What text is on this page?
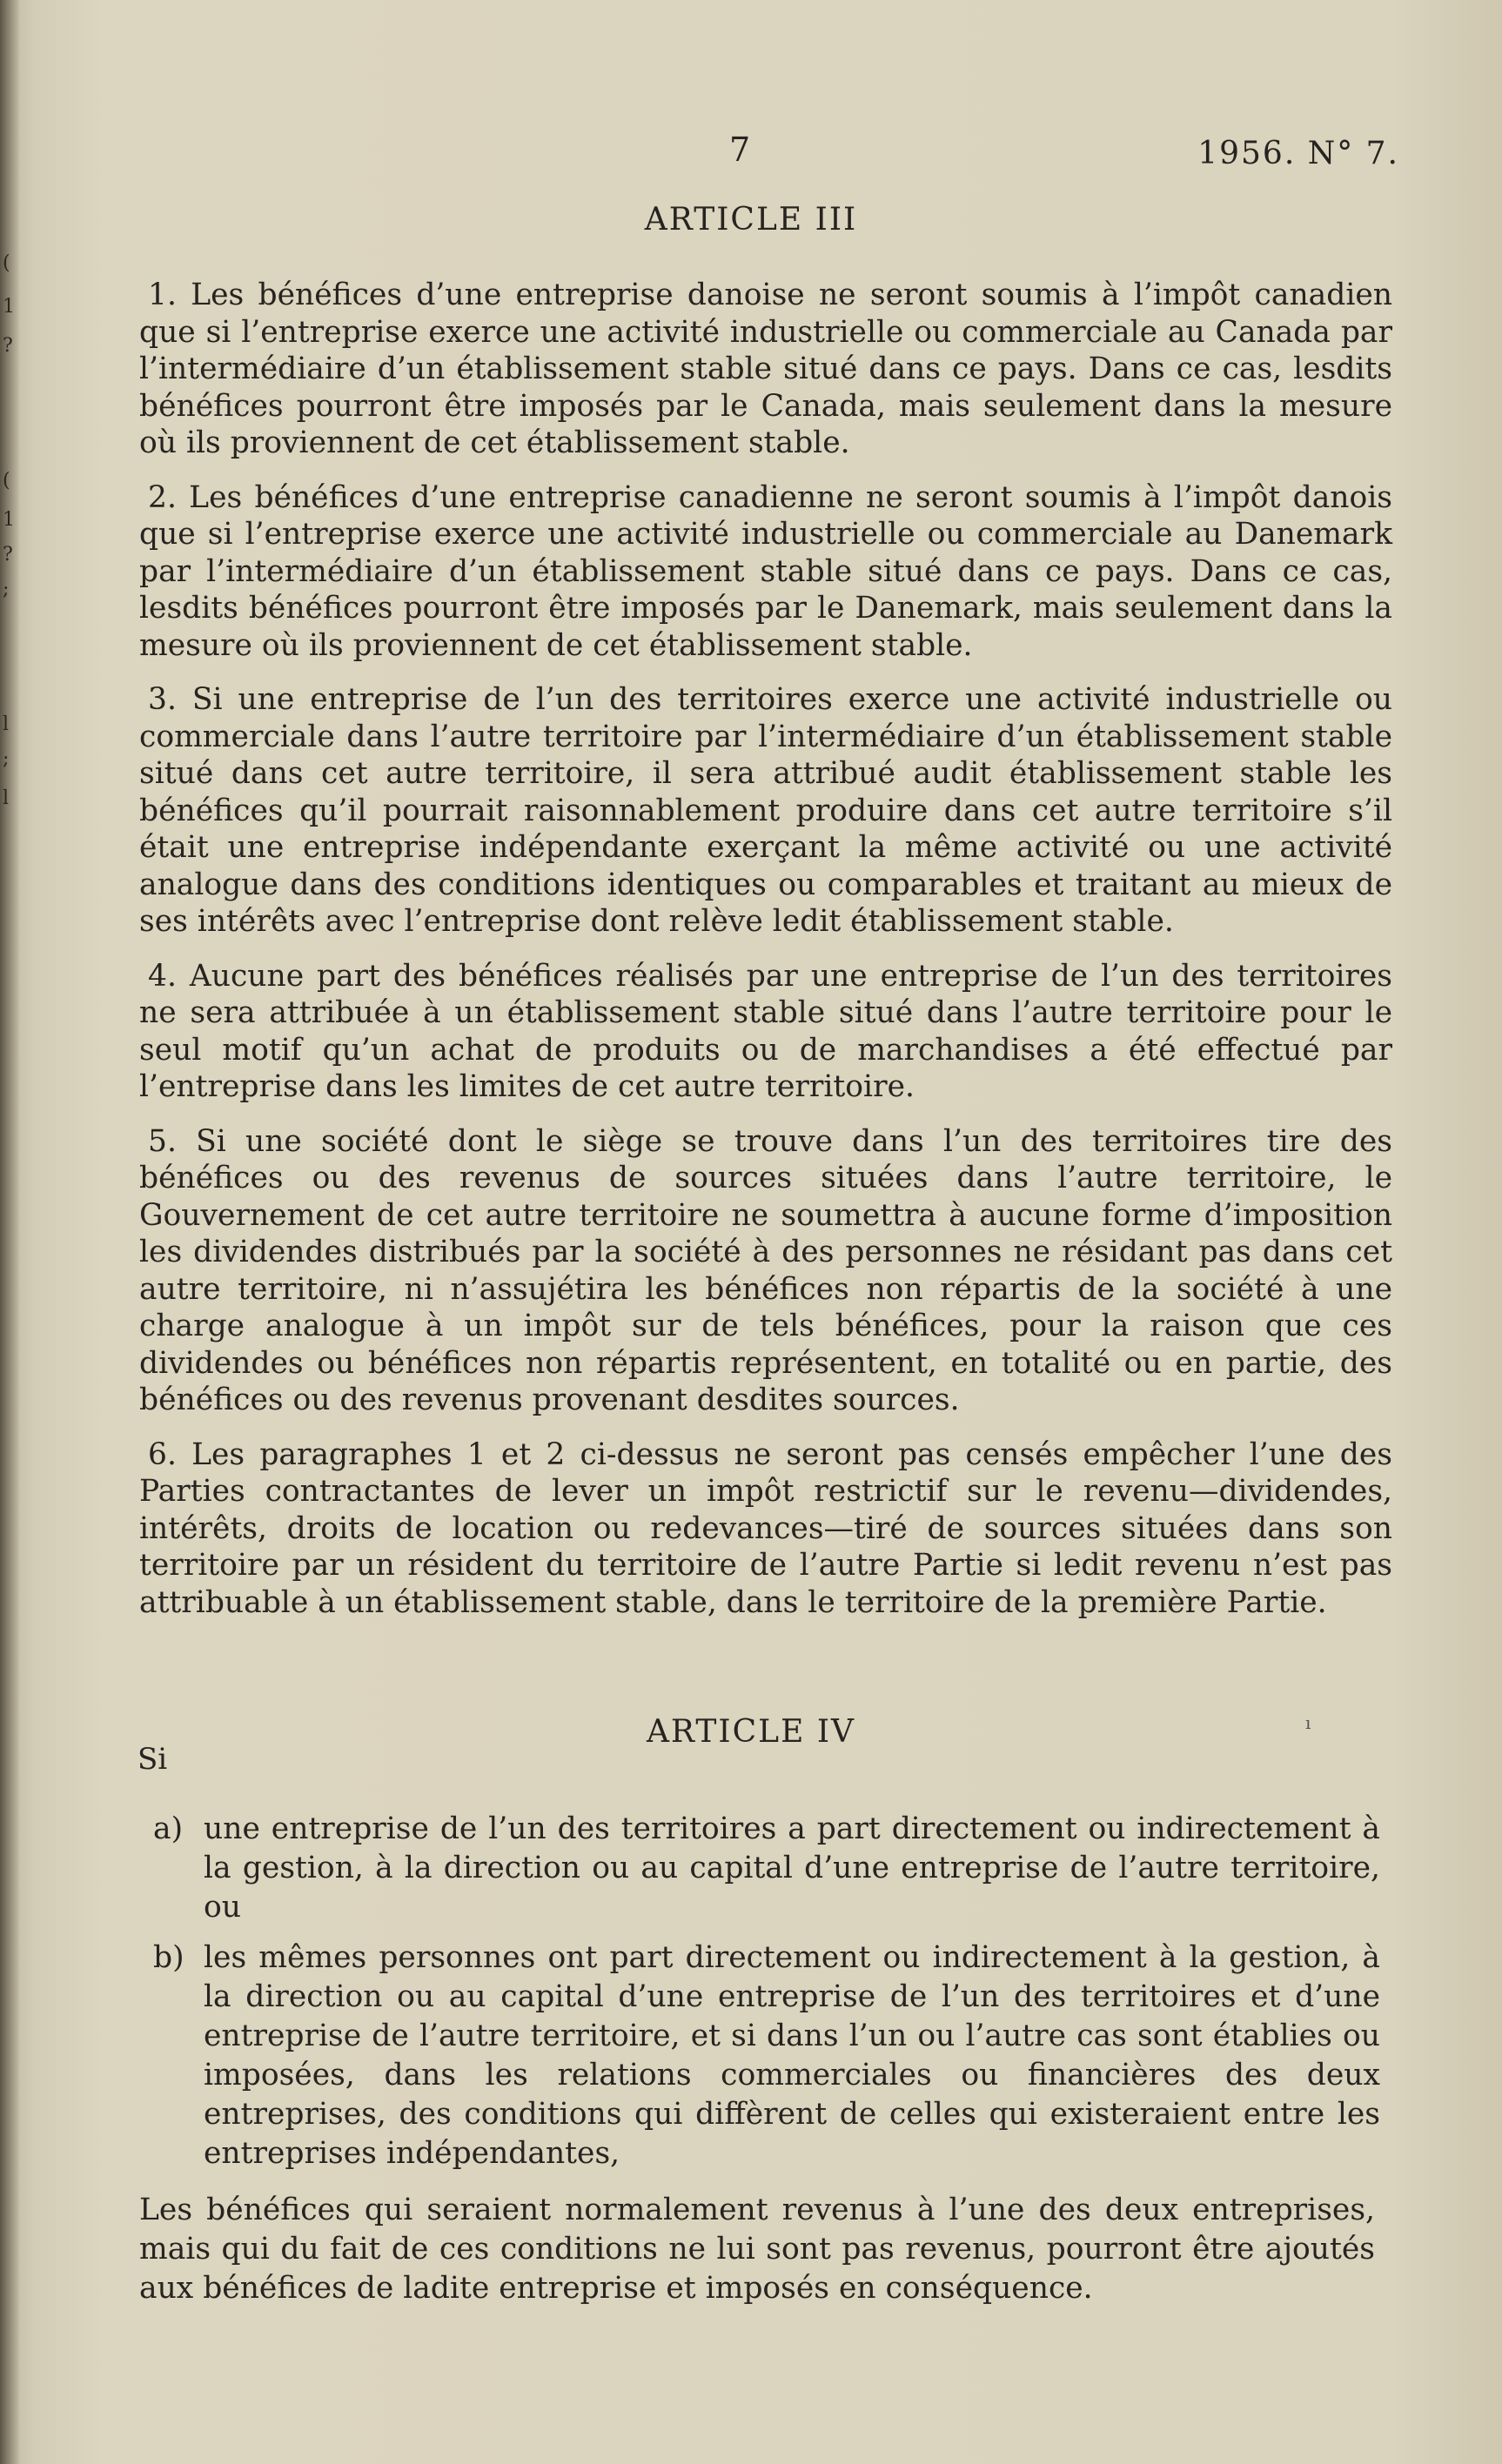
(
1
?
(
1
?
;
l
;
l
7	1956. N° 7.
ARTICLE III

1. Les bénéfices d’une entreprise danoise ne seront soumis à l’impôt canadien que si l’entreprise exerce une activité industrielle ou commerciale au Canada par l’intermédiaire d’un établissement stable situé dans ce pays. Dans ce cas, lesdits bénéfices pourront être imposés par le Canada, mais seulement dans la mesure où ils proviennent de cet établissement stable.

2. Les bénéfices d’une entreprise canadienne ne seront soumis à l’impôt danois que si l’entreprise exerce une activité industrielle ou commerciale au Danemark par l’intermédiaire d’un établissement stable situé dans ce pays. Dans ce cas, lesdits bénéfices pourront être imposés par le Danemark, mais seulement dans la mesure où ils proviennent de cet établissement stable.

3. Si une entreprise de l’un des territoires exerce une activité industrielle ou commerciale dans l’autre territoire par l’intermédiaire d’un établissement stable situé dans cet autre territoire, il sera attribué audit établissement stable les bénéfices qu’il pourrait raisonnablement produire dans cet autre territoire s’il était une entreprise indépendante exerçant la même activité ou une activité analogue dans des conditions identiques ou comparables et traitant au mieux de ses intérêts avec l’entreprise dont relève ledit établissement stable.

4. Aucune part des bénéfices réalisés par une entreprise de l’un des territoires ne sera attribuée à un établissement stable situé dans l’autre territoire pour le seul motif qu’un achat de produits ou de marchandises a été effectué par l’entreprise dans les limites de cet autre territoire.

5. Si une société dont le siège se trouve dans l’un des territoires tire des bénéfices ou des revenus de sources situées dans l’autre territoire, le Gouvernement de cet autre territoire ne soumettra à aucune forme d’imposition les dividendes distribués par la société à des personnes ne résidant pas dans cet autre territoire, ni n’assujétira les bénéfices non répartis de la société à une charge analogue à un impôt sur de tels bénéfices, pour la raison que ces dividendes ou bénéfices non répartis représentent, en totalité ou en partie, des bénéfices ou des revenus provenant desdites sources.

6. Les paragraphes 1 et 2 ci-dessus ne seront pas censés empêcher l’une des Parties contractantes de lever un impôt restrictif sur le revenu—dividendes, intérêts, droits de location ou redevances—tiré de sources situées dans son territoire par un résident du territoire de l’autre Partie si ledit revenu n’est pas attribuable à un établissement stable, dans le territoire de la première Partie.

ARTICLE IV	ı
Si
a) une entreprise de l’un des territoires a part directement ou indirectement à la gestion, à la direction ou au capital d’une entreprise de l’autre territoire, ou
b) les mêmes personnes ont part directement ou indirectement à la gestion, à la direction ou au capital d’une entreprise de l’un des territoires et d’une entreprise de l’autre territoire, et si dans l’un ou l’autre cas sont établies ou imposées, dans les relations commerciales ou financières des deux entreprises, des conditions qui diffèrent de celles qui existeraient entre les entreprises indépendantes,
Les bénéfices qui seraient normalement revenus à l’une des deux entreprises, mais qui du fait de ces conditions ne lui sont pas revenus, pourront être ajoutés aux bénéfices de ladite entreprise et imposés en conséquence.
